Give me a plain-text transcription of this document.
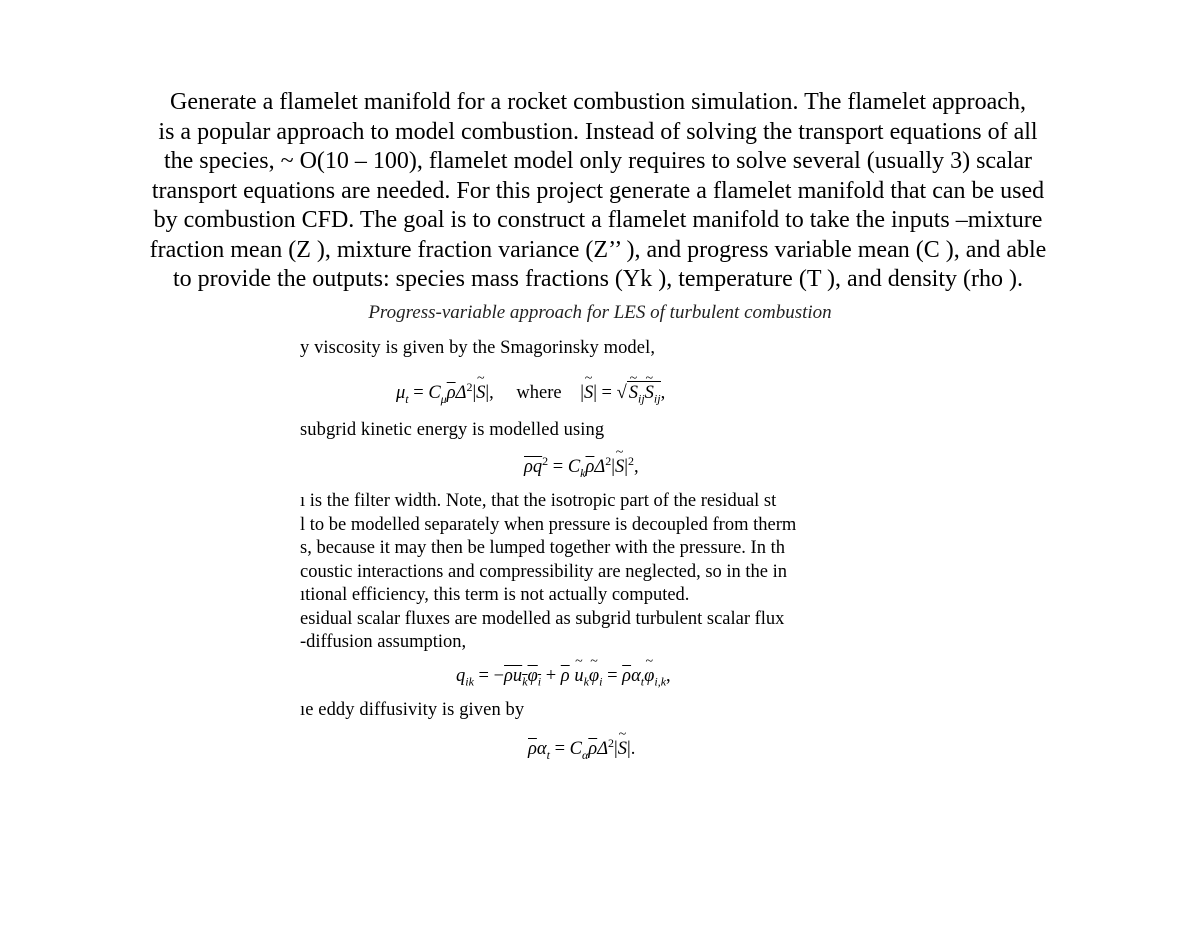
Generate a flamelet manifold for a rocket combustion simulation. The flamelet approach,
is a popular approach to model combustion. Instead of solving the transport equations of all
the species, ~ O(10 – 100), flamelet model only requires to solve several (usually 3) scalar
transport equations are needed. For this project generate a flamelet manifold that can be used
by combustion CFD. The goal is to construct a flamelet manifold to take the inputs –mixture
fraction mean (Z ), mixture fraction variance (Z’’ ), and progress variable mean (C ), and able
to provide the outputs: species mass fractions (Yk ), temperature (T ), and density (rho ).
Progress-variable approach for LES of turbulent combustion
y viscosity is given by the Smagorinsky model,
$\mu_t$ = $C_\mu\overline{\rho}\Delta^2|\sim$ S|, where |~ S| = √ ~ $S_{ij}\sim$ $S_{ij}$,
subgrid kinetic energy is modelled using
$\overline{\rho q}^2$ = $C_k\overline{\rho}\Delta^2|\sim$ $S|^2$,
ı is the filter width. Note, that the isotropic part of the residual st
l to be modelled separately when pressure is decoupled from therm
s, because it may then be lumped together with the pressure. In th
coustic interactions and compressibility are neglected, so in the in
ıtional efficiency, this term is not actually computed.
esidual scalar fluxes are modelled as subgrid turbulent scalar flux
-diffusion assumption,
$q_{ik} = -\rho u_k\varphi_i + \overline{\rho}$ ~ $u_k\sim$ $\varphi_i$ = $\overline{\rho}\alpha_t\sim$ $\varphi_{i,k}$,
ıe eddy diffusivity is given by
$\overline{\rho}\alpha_t$ = $C_\alpha\overline{\rho}\Delta^2|\sim$ S|.
